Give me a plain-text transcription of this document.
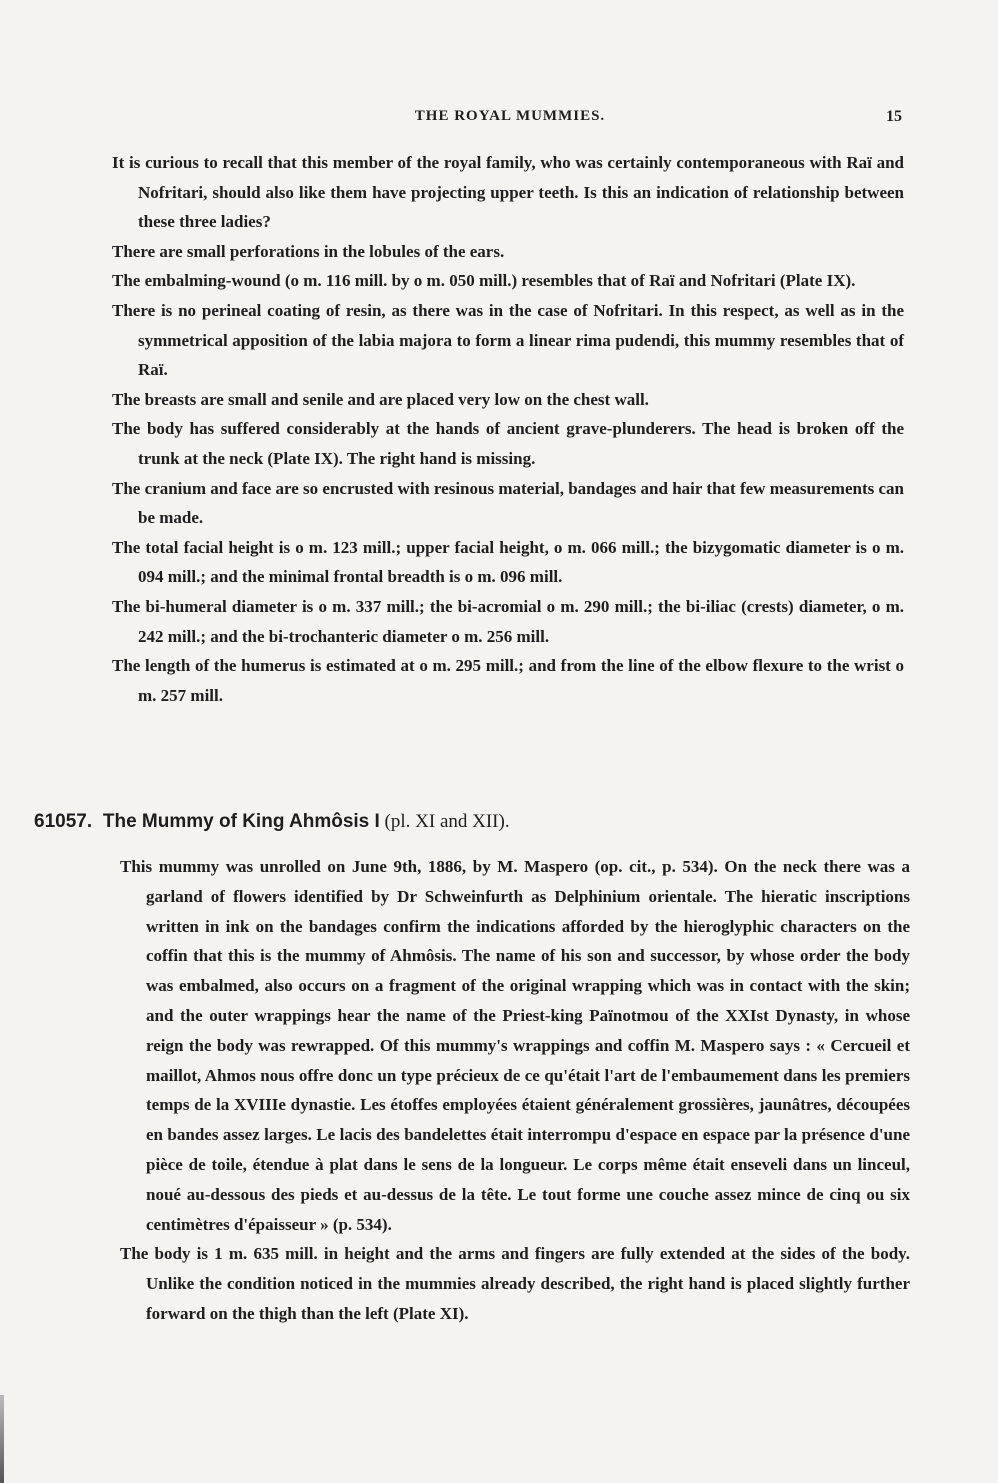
THE ROYAL MUMMIES.	15

It is curious to recall that this member of the royal family, who was certainly contemporaneous with Raï and Nofritari, should also like them have projecting upper teeth. Is this an indication of relationship between these three ladies?

There are small perforations in the lobules of the ears.

The embalming-wound (o m. 116 mill. by o m. 050 mill.) resembles that of Raï and Nofritari (Plate IX).

There is no perineal coating of resin, as there was in the case of Nofritari. In this respect, as well as in the symmetrical apposition of the labia majora to form a linear rima pudendi, this mummy resembles that of Raï.

The breasts are small and senile and are placed very low on the chest wall.

The body has suffered considerably at the hands of ancient grave-plunderers. The head is broken off the trunk at the neck (Plate IX). The right hand is missing.

The cranium and face are so encrusted with resinous material, bandages and hair that few measurements can be made.

The total facial height is o m. 123 mill.; upper facial height, o m. 066 mill.; the bizygomatic diameter is o m. 094 mill.; and the minimal frontal breadth is o m. 096 mill.

The bi-humeral diameter is o m. 337 mill.; the bi-acromial o m. 290 mill.; the bi-iliac (crests) diameter, o m. 242 mill.; and the bi-trochanteric diameter o m. 256 mill.

The length of the humerus is estimated at o m. 295 mill.; and from the line of the elbow flexure to the wrist o m. 257 mill.

61057. The Mummy of King Ahmôsis I (pl. XI and XII).

This mummy was unrolled on June 9th, 1886, by M. Maspero (op. cit., p. 534). On the neck there was a garland of flowers identified by Dr Schweinfurth as Delphinium orientale. The hieratic inscriptions written in ink on the bandages confirm the indications afforded by the hieroglyphic characters on the coffin that this is the mummy of Ahmôsis. The name of his son and successor, by whose order the body was embalmed, also occurs on a fragment of the original wrapping which was in contact with the skin; and the outer wrappings hear the name of the Priest-king Païnotmou of the XXIst Dynasty, in whose reign the body was rewrapped. Of this mummy's wrappings and coffin M. Maspero says : « Cercueil et maillot, Ahmos nous offre donc un type précieux de ce qu'était l'art de l'embaumement dans les premiers temps de la XVIIIe dynastie. Les étoffes employées étaient généralement grossières, jaunâtres, découpées en bandes assez larges. Le lacis des bandelettes était interrompu d'espace en espace par la présence d'une pièce de toile, étendue à plat dans le sens de la longueur. Le corps même était enseveli dans un linceul, noué au-dessous des pieds et au-dessus de la tête. Le tout forme une couche assez mince de cinq ou six centimètres d'épaisseur » (p. 534).

The body is 1 m. 635 mill. in height and the arms and fingers are fully extended at the sides of the body. Unlike the condition noticed in the mummies already described, the right hand is placed slightly further forward on the thigh than the left (Plate XI).
